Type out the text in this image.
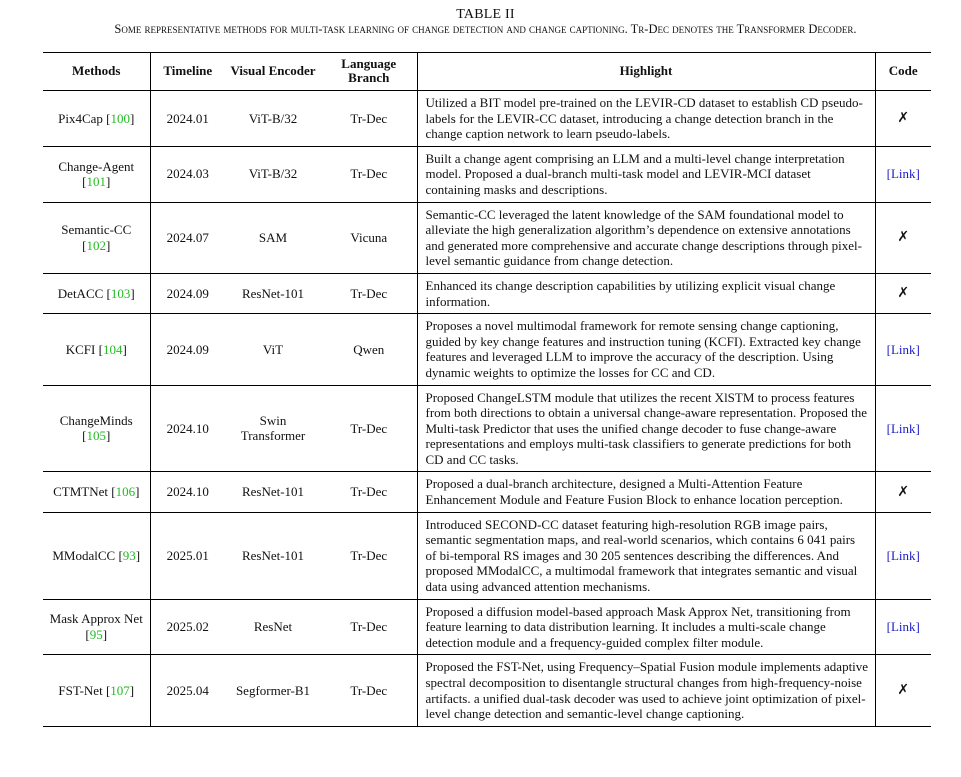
TABLE II
Some representative methods for multi-task learning of change detection and change captioning. Tr-Dec denotes the Transformer Decoder.
Methods	Timeline	Visual Encoder	Language Branch	Highlight	Code
Pix4Cap [100]	2024.01	ViT-B/32	Tr-Dec	Utilized a BIT model pre-trained on the LEVIR-CD dataset to establish CD pseudo-labels for the LEVIR-CC dataset, introducing a change detection branch in the change caption network to learn pseudo-labels.	✗
Change-Agent [101]	2024.03	ViT-B/32	Tr-Dec	Built a change agent comprising an LLM and a multi-level change interpretation model. Proposed a dual-branch multi-task model and LEVIR-MCI dataset containing masks and descriptions.	[Link]
Semantic-CC [102]	2024.07	SAM	Vicuna	Semantic-CC leveraged the latent knowledge of the SAM foundational model to alleviate the high generalization algorithm’s dependence on extensive annotations and generated more comprehensive and accurate change descriptions through pixel-level semantic guidance from change detection.	✗
DetACC [103]	2024.09	ResNet-101	Tr-Dec	Enhanced its change description capabilities by utilizing explicit visual change information.	✗
KCFI [104]	2024.09	ViT	Qwen	Proposes a novel multimodal framework for remote sensing change captioning, guided by key change features and instruction tuning (KCFI). Extracted key change features and leveraged LLM to improve the accuracy of the description. Using dynamic weights to optimize the losses for CC and CD.	[Link]
ChangeMinds [105]	2024.10	Swin Transformer	Tr-Dec	Proposed ChangeLSTM module that utilizes the recent XlSTM to process features from both directions to obtain a universal change-aware representation. Proposed the Multi-task Predictor that uses the unified change decoder to fuse change-aware representations and employs multi-task classifiers to generate predictions for both CD and CC tasks.	[Link]
CTMTNet [106]	2024.10	ResNet-101	Tr-Dec	Proposed a dual-branch architecture, designed a Multi-Attention Feature Enhancement Module and Feature Fusion Block to enhance location perception.	✗
MModalCC [93]	2025.01	ResNet-101	Tr-Dec	Introduced SECOND-CC dataset featuring high-resolution RGB image pairs, semantic segmentation maps, and real-world scenarios, which contains 6 041 pairs of bi-temporal RS images and 30 205 sentences describing the differences. And proposed MModalCC, a multimodal framework that integrates semantic and visual data using advanced attention mechanisms.	[Link]
Mask Approx Net [95]	2025.02	ResNet	Tr-Dec	Proposed a diffusion model-based approach Mask Approx Net, transitioning from feature learning to data distribution learning. It includes a multi-scale change detection module and a frequency-guided complex filter module.	[Link]
FST-Net [107]	2025.04	Segformer-B1	Tr-Dec	Proposed the FST-Net, using Frequency–Spatial Fusion module implements adaptive spectral decomposition to disentangle structural changes from high-frequency-noise artifacts. a unified dual-task decoder was used to achieve joint optimization of pixel-level change detection and semantic-level change captioning.	✗
